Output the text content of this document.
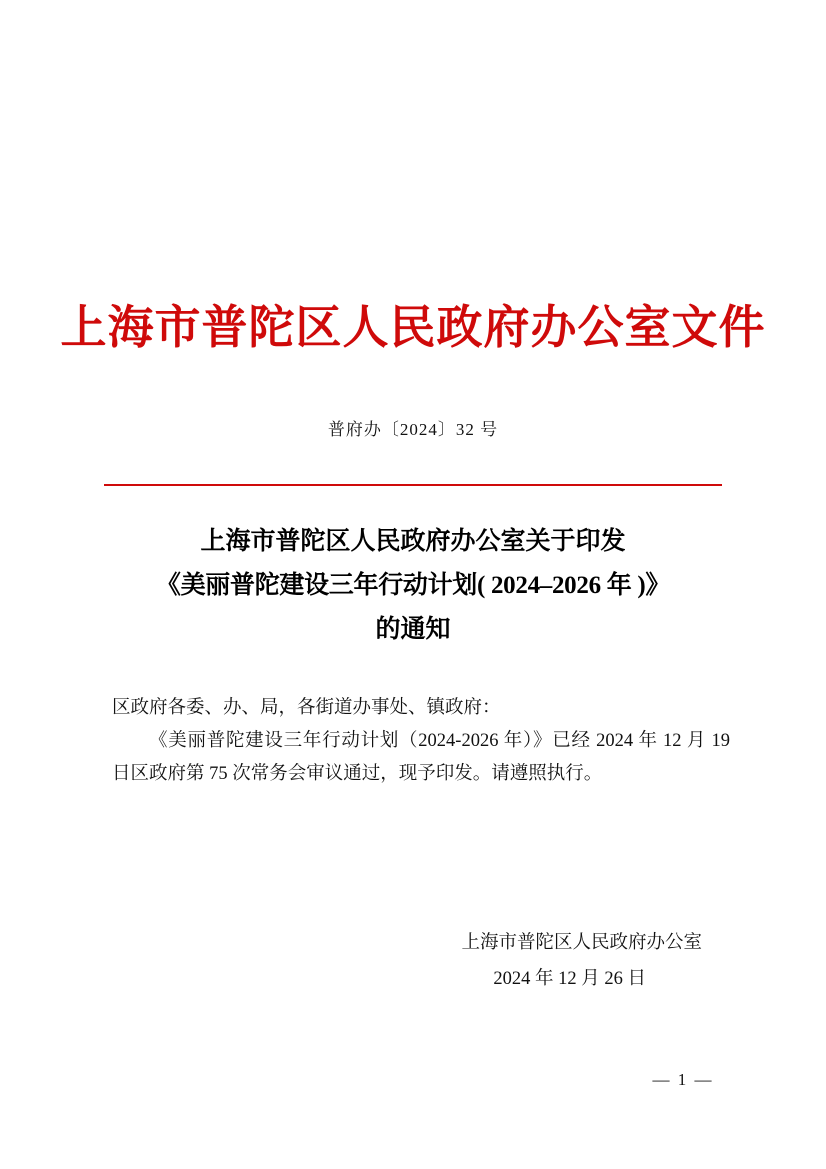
上海市普陀区人民政府办公室文件
普府办〔2024〕32 号
上海市普陀区人民政府办公室关于印发
《美丽普陀建设三年行动计划( 2024–2026 年 )》
的通知

区政府各委、办、局，各街道办事处、镇政府：

《美丽普陀建设三年行动计划（2024-2026 年）》已经 2024 年 12 月 19 日区政府第 75 次常务会审议通过，现予印发。请遵照执行。

上海市普陀区人民政府办公室
2024 年 12 月 26 日
— 1 —
